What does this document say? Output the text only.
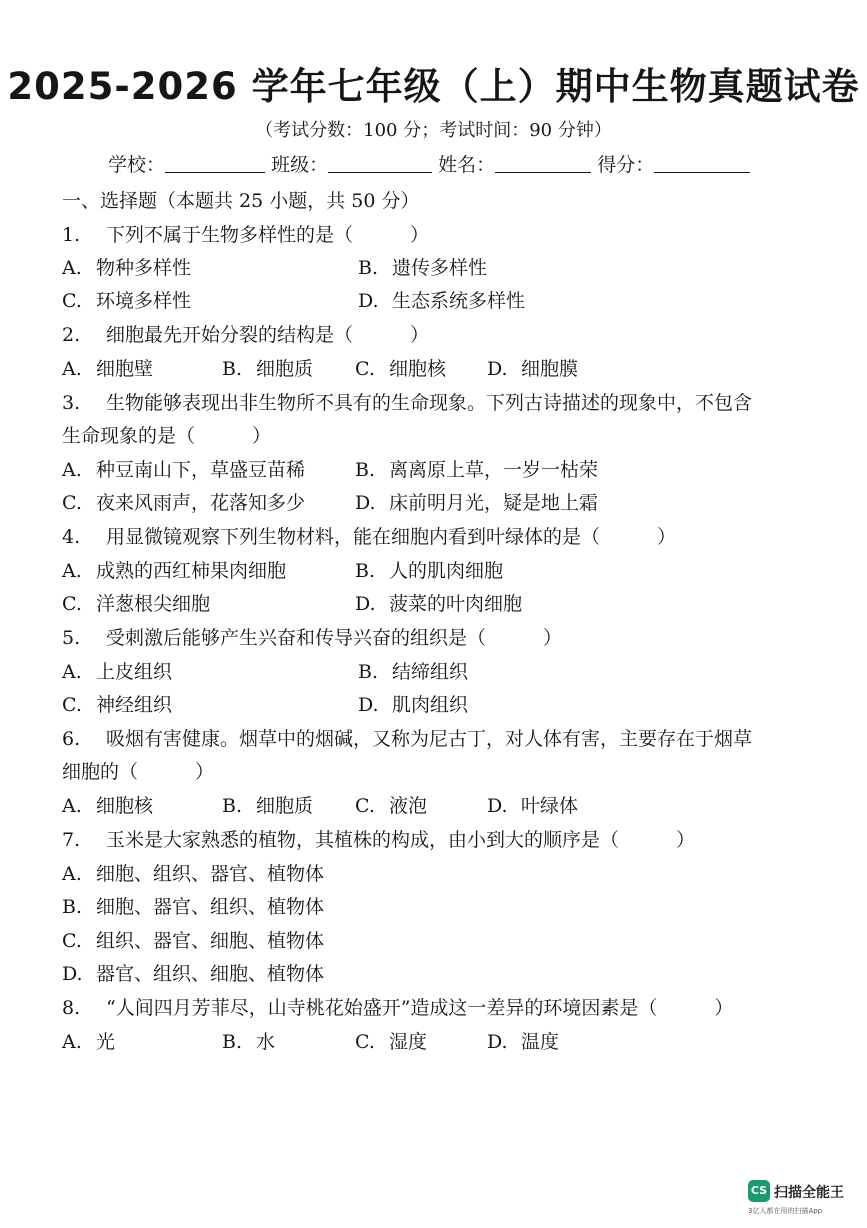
2025-2026 学年七年级（上）期中生物真题试卷
（考试分数：100 分；考试时间：90 分钟）
学校：	班级：	姓名：	得分：
一、选择题（本题共 25 小题，共 50 分）
1. 下列不属于生物多样性的是（　　　）
A. 物种多样性	B. 遗传多样性
C. 环境多样性	D. 生态系统多样性
2. 细胞最先开始分裂的结构是（　　　）
A. 细胞壁	B. 细胞质 C. 细胞核 D. 细胞膜
3. 生物能够表现出非生物所不具有的生命现象。下列古诗描述的现象中，不包含
生命现象的是（　　　）
A. 种豆南山下，草盛豆苗稀	B. 离离原上草，一岁一枯荣
C. 夜来风雨声，花落知多少	D. 床前明月光，疑是地上霜
4. 用显微镜观察下列生物材料，能在细胞内看到叶绿体的是（　　　）
A. 成熟的西红柿果肉细胞	B. 人的肌肉细胞
C. 洋葱根尖细胞	D. 菠菜的叶肉细胞
5. 受刺激后能够产生兴奋和传导兴奋的组织是（　　　）
A. 上皮组织	B. 结缔组织
C. 神经组织	D. 肌肉组织
6. 吸烟有害健康。烟草中的烟碱，又称为尼古丁，对人体有害，主要存在于烟草
细胞的（　　　）
A. 细胞核	B. 细胞质 C. 液泡	D. 叶绿体
7. 玉米是大家熟悉的植物，其植株的构成，由小到大的顺序是（　　　）
A. 细胞、组织、器官、植物体
B. 细胞、器官、组织、植物体
C. 组织、器官、细胞、植物体
D. 器官、组织、细胞、植物体
8. “人间四月芳菲尽，山寺桃花始盛开”造成这一差异的环境因素是（　　　）
A. 光	B. 水	C. 湿度	D. 温度
CS 扫描全能王
3亿人都在用的扫描App
